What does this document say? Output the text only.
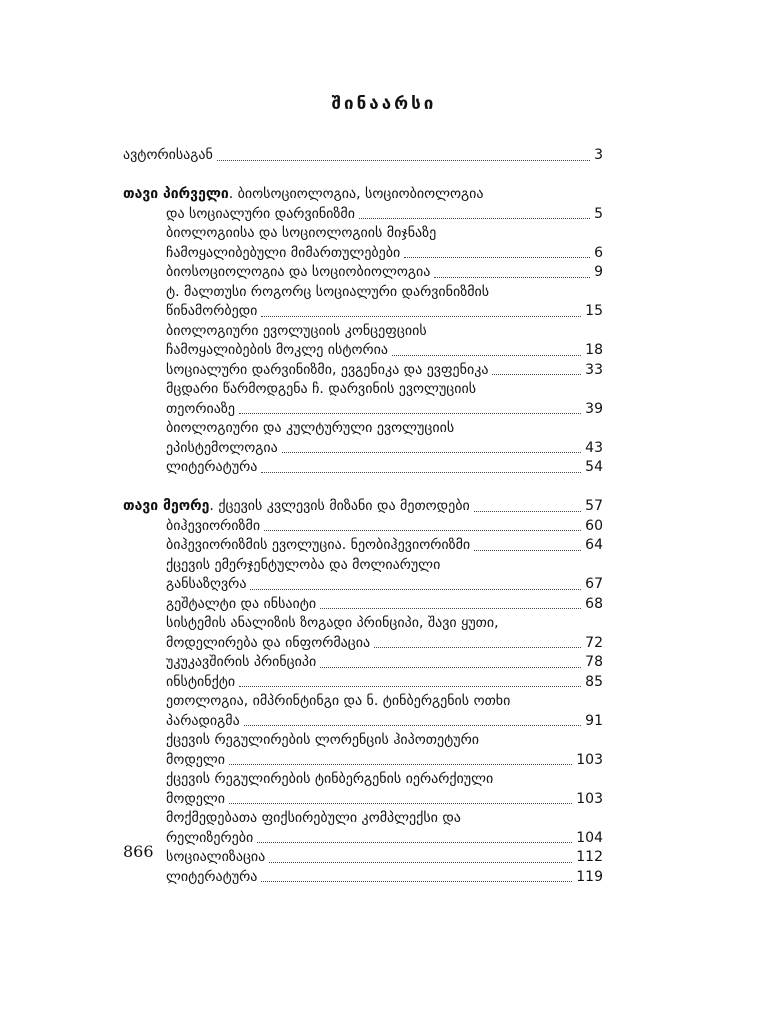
შინაარსი
ავტორისაგან	3
თავი პირველი. ბიოსოციოლოგია, სოციობიოლოგია
და სოციალური დარვინიზმი	5
ბიოლოგიისა და სოციოლოგიის მიჯნაზე
ჩამოყალიბებული მიმართულებები	6
ბიოსოციოლოგია და სოციობიოლოგია	9
ტ. მალთუსი როგორც სოციალური დარვინიზმის
წინამორბედი	15
ბიოლოგიური ევოლუციის კონცეფციის
ჩამოყალიბების მოკლე ისტორია	18
სოციალური დარვინიზმი, ევგენიკა და ევფენიკა	33
მცდარი წარმოდგენა ჩ. დარვინის ევოლუციის
თეორიაზე	39
ბიოლოგიური და კულტურული ევოლუციის
ეპისტემოლოგია	43
ლიტერატურა	54
თავი მეორე. ქცევის კვლევის მიზანი და მეთოდები	57
ბიჰევიორიზმი	60
ბიჰევიორიზმის ევოლუცია. ნეობიჰევიორიზმი	64
ქცევის ემერჯენტულობა და მოლიარული
განსაზღვრა	67
გეშტალტი და ინსაიტი	68
სისტემის ანალიზის ზოგადი პრინციპი, შავი ყუთი,
მოდელირება და ინფორმაცია	72
უკუკავშირის პრინციპი	78
ინსტინქტი	85
ეთოლოგია, იმპრინტინგი და ნ. ტინბერგენის ოთხი
პარადიგმა	91
ქცევის რეგულირების ლორენცის ჰიპოთეტური
მოდელი	103
ქცევის რეგულირების ტინბერგენის იერარქიული
მოდელი	103
მოქმედებათა ფიქსირებული კომპლექსი და
რელიზერები	104
სოციალიზაცია	112
ლიტერატურა	119
866
